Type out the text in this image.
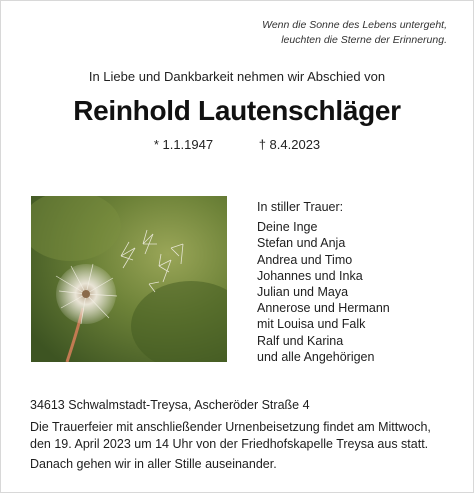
Wenn die Sonne des Lebens untergeht,
leuchten die Sterne der Erinnerung.
In Liebe und Dankbarkeit nehmen wir Abschied von
Reinhold Lautenschläger
* 1.1.1947	† 8.4.2023
In stiller Trauer:
Deine Inge
Stefan und Anja
Andrea und Timo
Johannes und Inka
Julian und Maya
Annerose und Hermann
mit Louisa und Falk
Ralf und Karina
und alle Angehörigen
34613 Schwalmstadt-Treysa, Ascheröder Straße 4
Die Trauerfeier mit anschließender Urnenbeisetzung findet am Mittwoch,
den 19. April 2023 um 14 Uhr von der Friedhofskapelle Treysa aus statt.
Danach gehen wir in aller Stille auseinander.
